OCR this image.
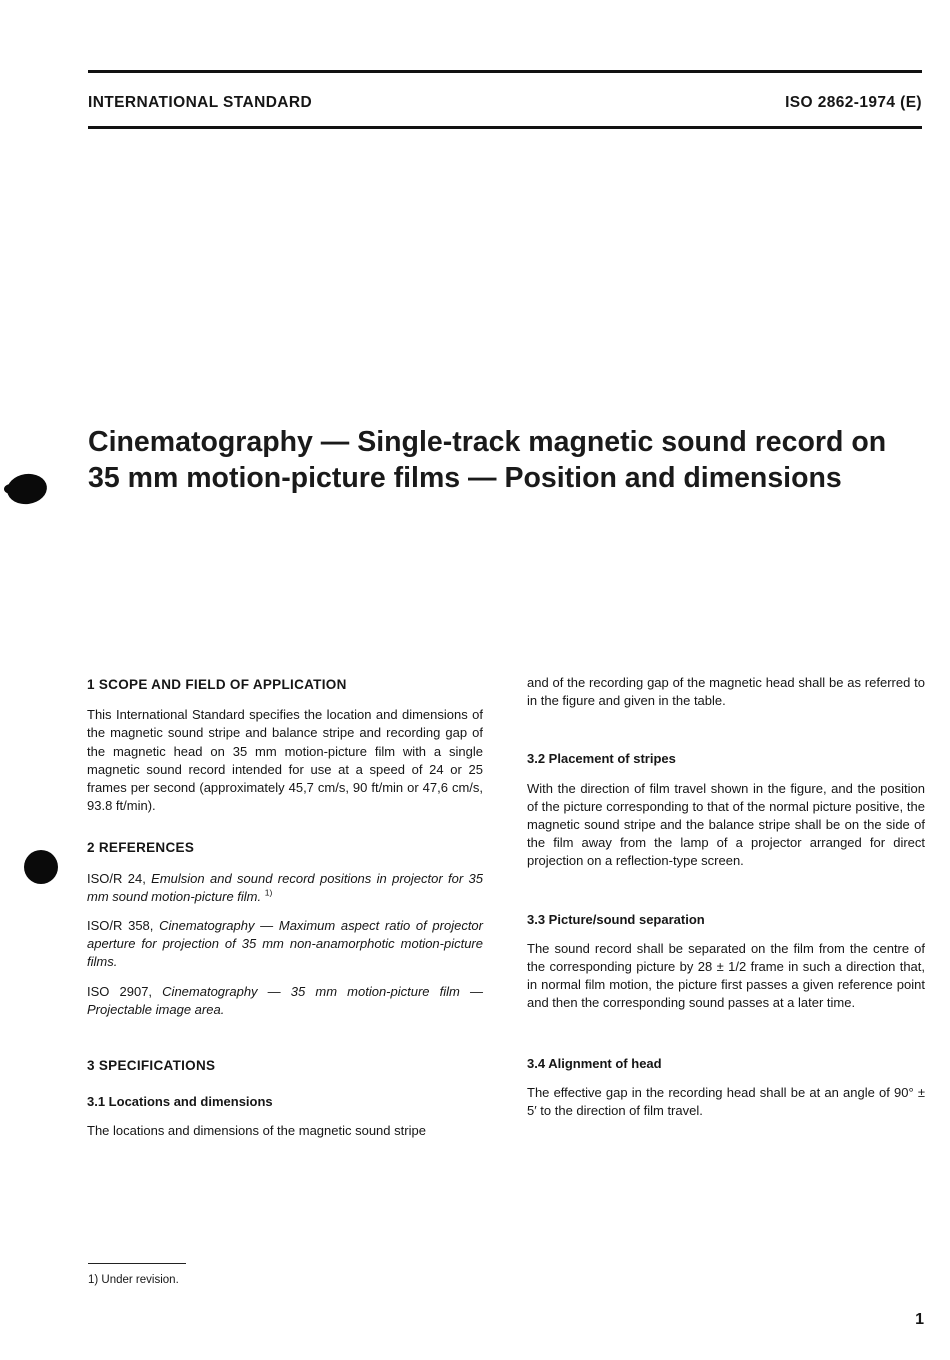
INTERNATIONAL STANDARD	ISO 2862-1974 (E)
Cinematography — Single-track magnetic sound record on
35 mm motion-picture films — Position and dimensions
1 SCOPE AND FIELD OF APPLICATION

This International Standard specifies the location and dimensions of the magnetic sound stripe and balance stripe and recording gap of the magnetic head on 35 mm motion-picture film with a single magnetic sound record intended for use at a speed of 24 or 25 frames per second (approximately 45,7 cm/s, 90 ft/min or 47,6 cm/s, 93.8 ft/min).

2 REFERENCES

ISO/R 24, Emulsion and sound record positions in projector for 35 mm sound motion-picture film. $^{1)}$

ISO/R 358, Cinematography — Maximum aspect ratio of projector aperture for projection of 35 mm non-anamorphotic motion-picture films.

ISO 2907, Cinematography — 35 mm motion-picture film — Projectable image area.

3 SPECIFICATIONS
3.1 Locations and dimensions

The locations and dimensions of the magnetic sound stripe

and of the recording gap of the magnetic head shall be as referred to in the figure and given in the table.

3.2 Placement of stripes

With the direction of film travel shown in the figure, and the position of the picture corresponding to that of the normal picture positive, the magnetic sound stripe and the balance stripe shall be on the side of the film away from the lamp of a projector arranged for direct projection on a reflection-type screen.

3.3 Picture/sound separation

The sound record shall be separated on the film from the centre of the corresponding picture by 28 ± 1/2 frame in such a direction that, in normal film motion, the picture first passes a given reference point and then the corresponding sound passes at a later time.

3.4 Alignment of head

The effective gap in the recording head shall be at an angle of 90° ± 5′ to the direction of film travel.

1) Under revision.
1
